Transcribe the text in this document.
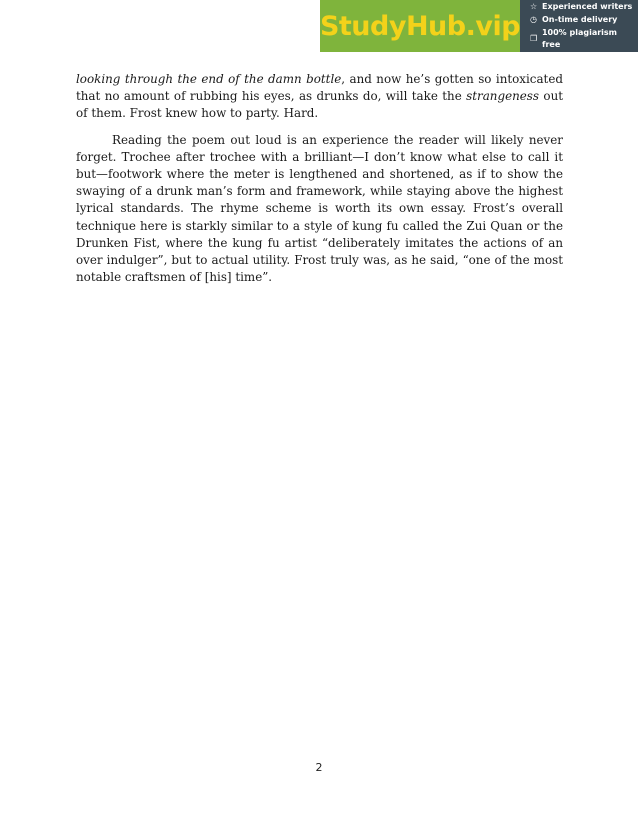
StudyHub.vip
☆ Experienced writers
◷ On-time delivery
❐
100% plagiarism free

looking through the end of the damn bottle, and now he’s gotten so intoxicated that no amount of rubbing his eyes, as drunks do, will take the strangeness out of them. Frost knew how to party. Hard.

Reading the poem out loud is an experience the reader will likely never forget. Trochee after trochee with a brilliant—I don’t know what else to call it but—footwork where the meter is lengthened and shortened, as if to show the swaying of a drunk man’s form and framework, while staying above the highest lyrical standards. The rhyme scheme is worth its own essay. Frost’s overall technique here is starkly similar to a style of kung fu called the Zui Quan or the Drunken Fist, where the kung fu artist “deliberately imitates the actions of an over indulger”, but to actual utility. Frost truly was, as he said, “one of the most notable craftsmen of [his] time”.

2
